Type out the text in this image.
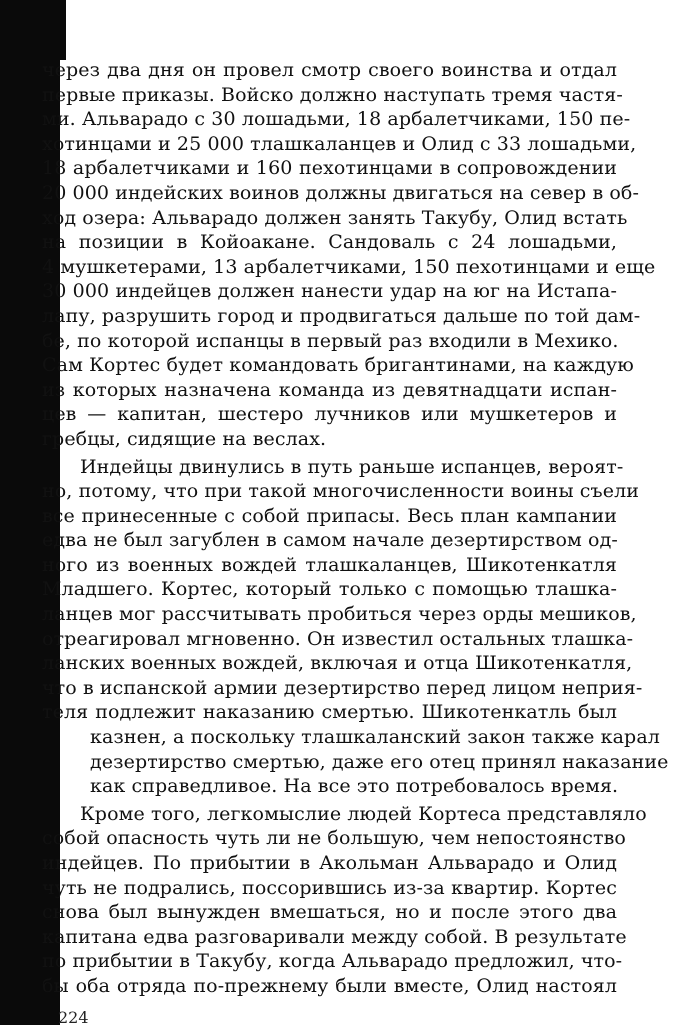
через два дня он провел смотр своего воинства и отдал
первые приказы. Войско должно наступать тремя частя-
ми. Альварадо с 30 лошадьми, 18 арбалетчиками, 150 пе-
хотинцами и 25 000 тлашкаланцев и Олид с 33 лошадьми,
18 арбалетчиками и 160 пехотинцами в сопровождении
20 000 индейских воинов должны двигаться на север в об-
ход озера: Альварадо должен занять Такубу, Олид встать
на позиции в Койоакане. Сандоваль с 24 лошадьми,
4 мушкетерами, 13 арбалетчиками, 150 пехотинцами и еще
30 000 индейцев должен нанести удар на юг на Истапа-
лапу, разрушить город и продвигаться дальше по той дам-
бе, по которой испанцы в первый раз входили в Мехико.
Сам Кортес будет командовать бригантинами, на каждую
из которых назначена команда из девятнадцати испан-
цев — капитан, шестеро лучников или мушкетеров и
гребцы, сидящие на веслах.
Индейцы двинулись в путь раньше испанцев, вероят-
но, потому, что при такой многочисленности воины съели
все принесенные с собой припасы. Весь план кампании
едва не был загублен в самом начале дезертирством од-
ного из военных вождей тлашкаланцев, Шикотенкатля
Младшего. Кортес, который только с помощью тлашка-
ланцев мог рассчитывать пробиться через орды мешиков,
отреагировал мгновенно. Он известил остальных тлашка-
ланских военных вождей, включая и отца Шикотенкатля,
что в испанской армии дезертирство перед лицом неприя-
теля подлежит наказанию смертью. Шикотенкатль был
казнен, а поскольку тлашкаланский закон также карал
дезертирство смертью, даже его отец принял наказание
как справедливое. На все это потребовалось время.
Кроме того, легкомыслие людей Кортеса представляло
собой опасность чуть ли не большую, чем непостоянство
индейцев. По прибытии в Акольман Альварадо и Олид
чуть не подрались, поссорившись из-за квартир. Кортес
снова был вынужден вмешаться, но и после этого два
капитана едва разговаривали между собой. В результате
по прибытии в Такубу, когда Альварадо предложил, что-
бы оба отряда по-прежнему были вместе, Олид настоял
224
